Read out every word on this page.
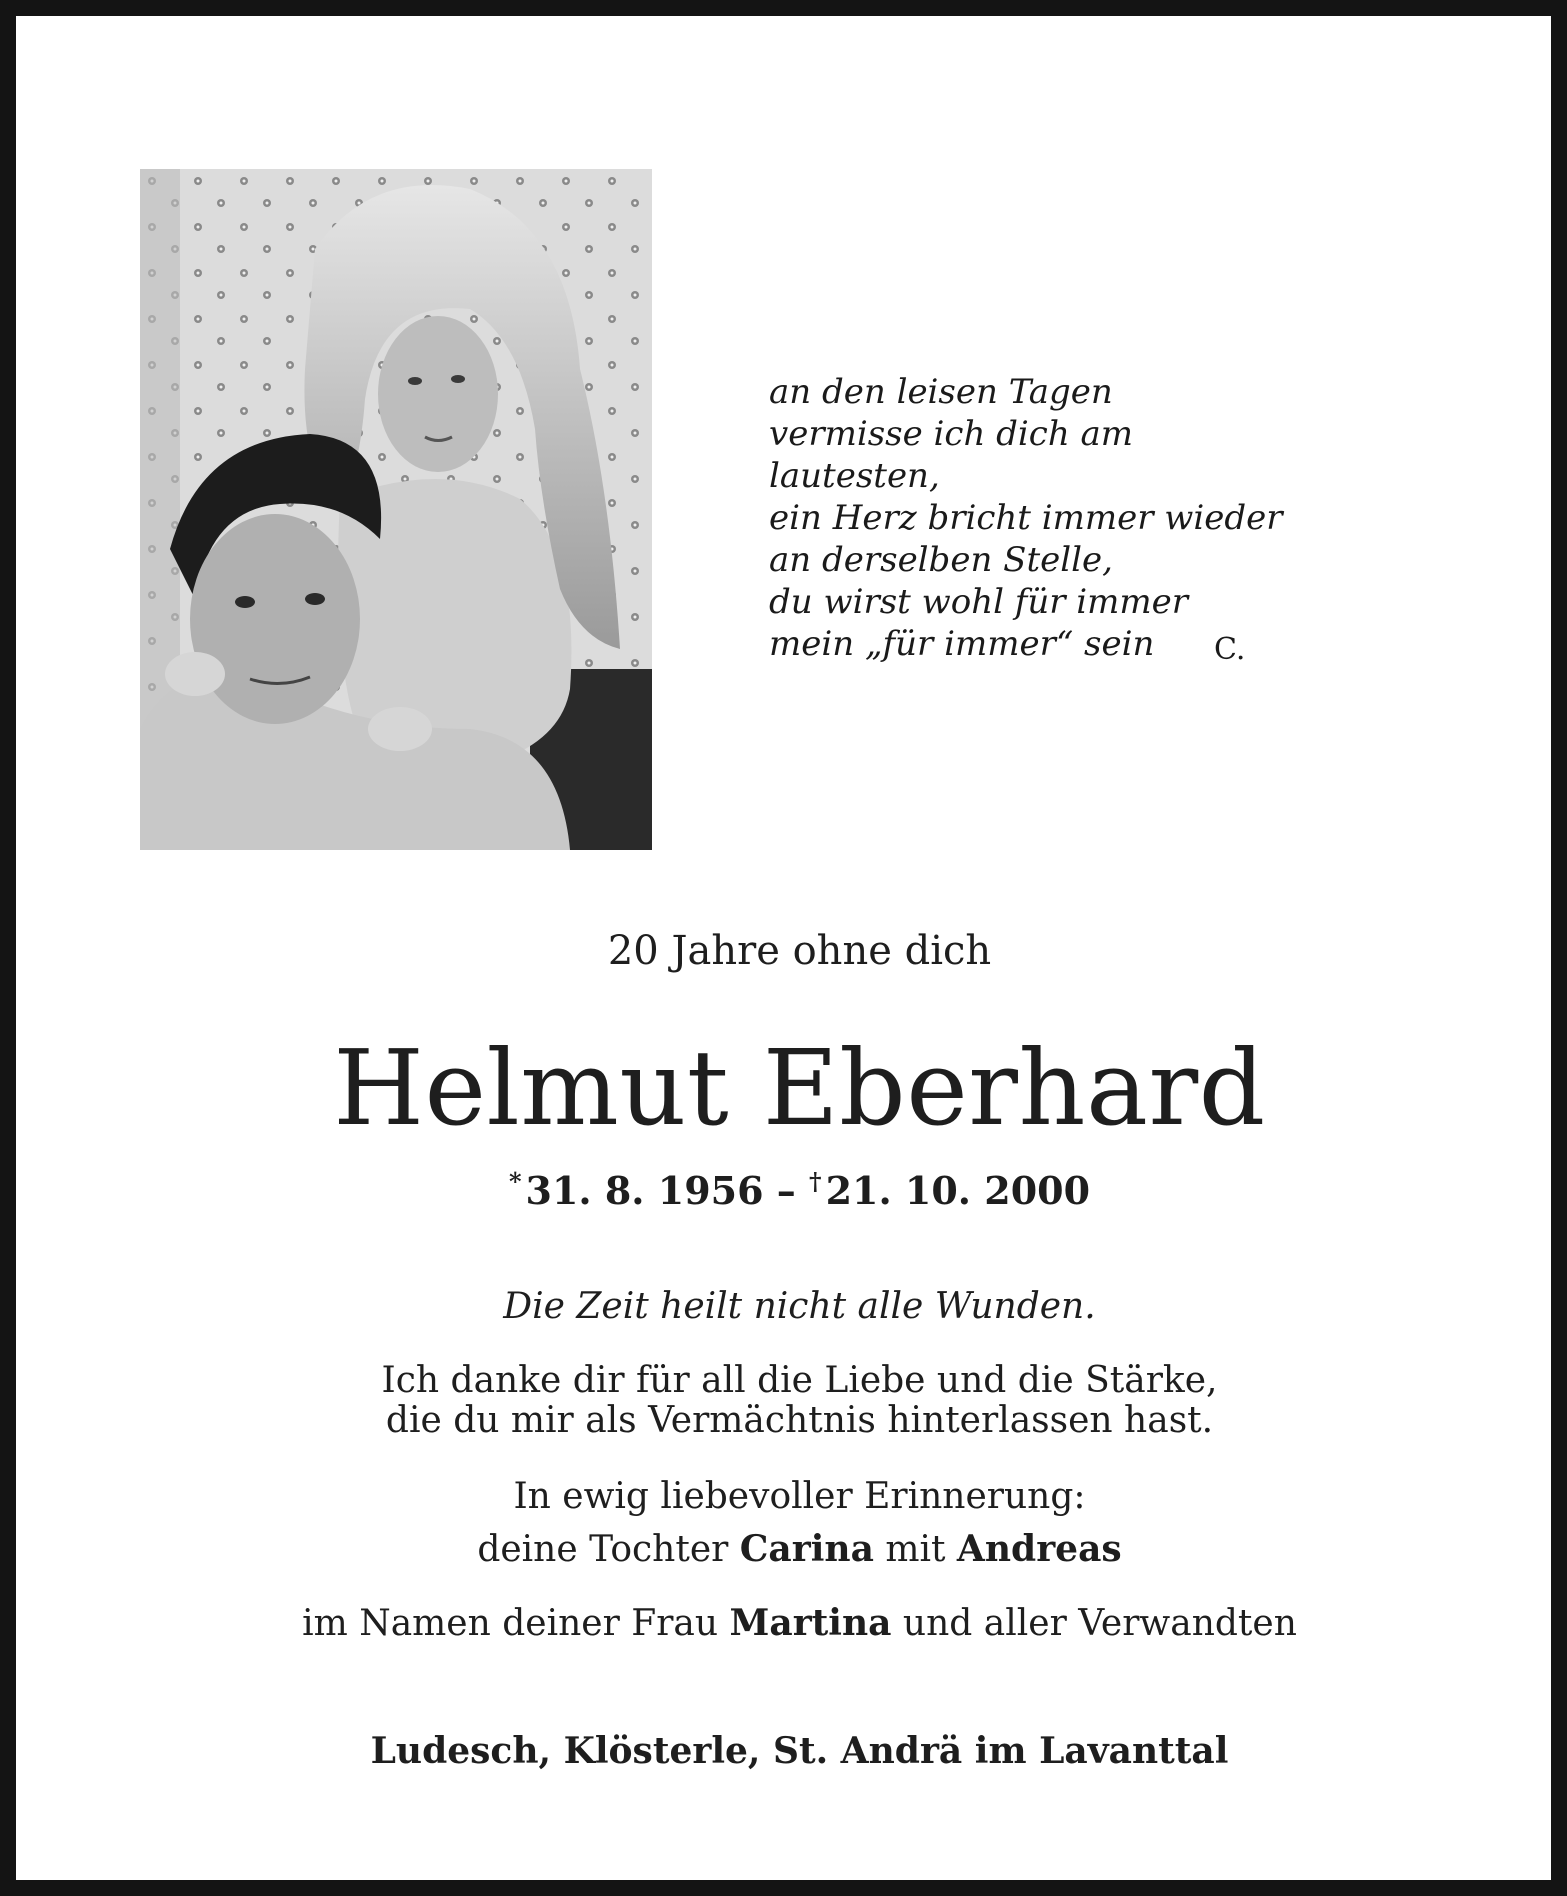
an den leisen Tagen
vermisse ich dich am
lautesten,
ein Herz bricht immer wieder
an derselben Stelle,
du wirst wohl für immer
mein „für immer“ sein	C.
20 Jahre ohne dich
Helmut Eberhard
* 31. 8. 1956 – † 21. 10. 2000
Die Zeit heilt nicht alle Wunden.
Ich danke dir für all die Liebe und die Stärke,
die du mir als Vermächtnis hinterlassen hast.
In ewig liebevoller Erinnerung:
deine Tochter Carina mit Andreas
im Namen deiner Frau Martina und aller Verwandten
Ludesch, Klösterle, St. Andrä im Lavanttal
